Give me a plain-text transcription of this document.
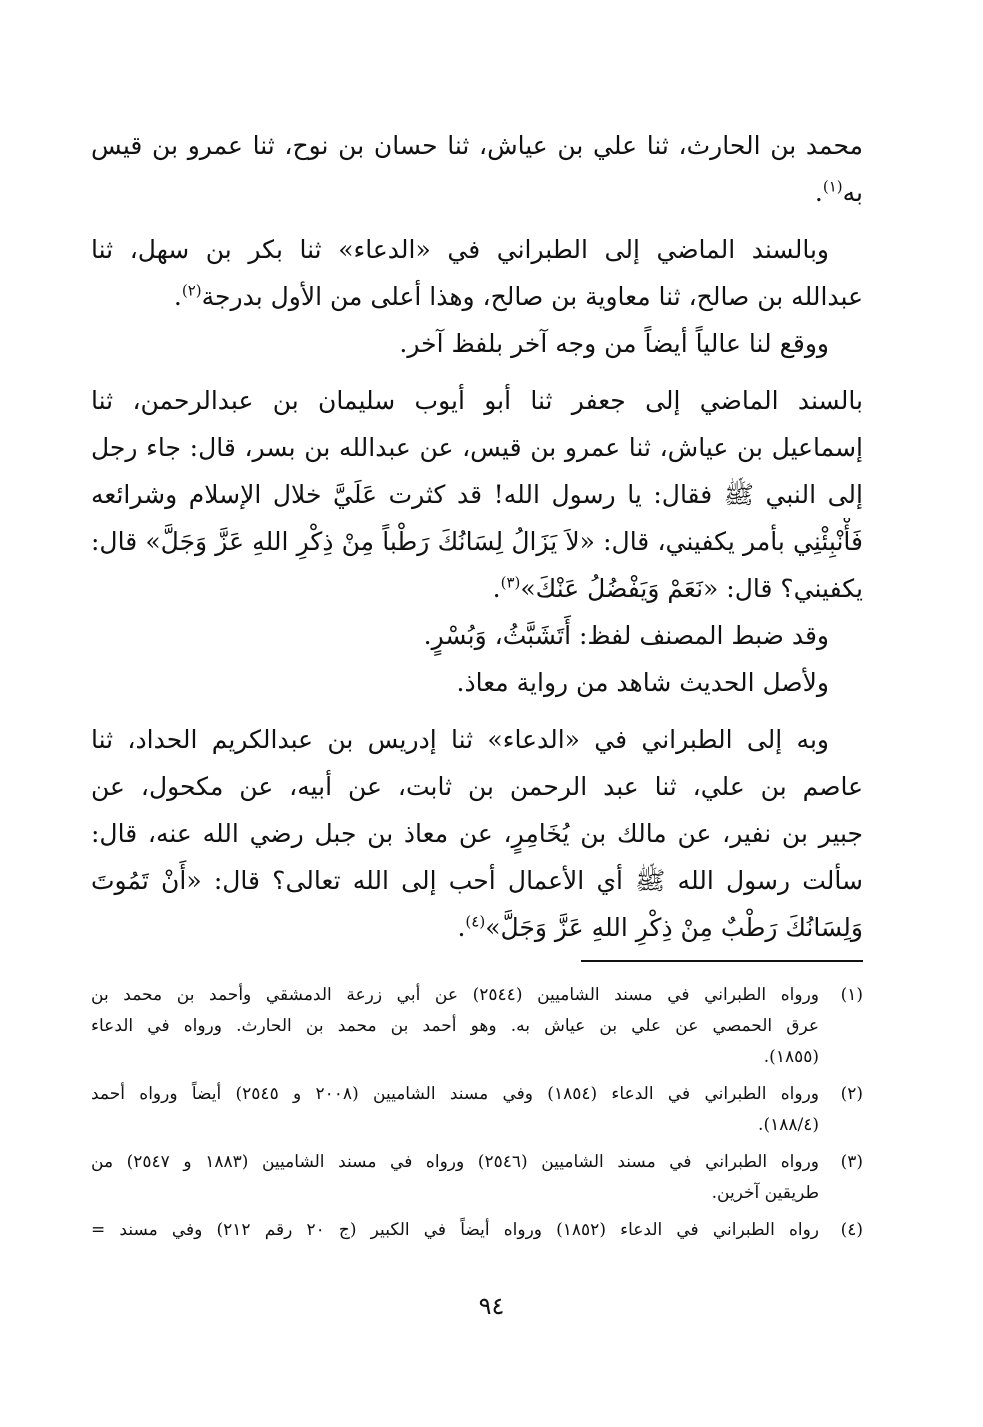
محمد بن الحارث، ثنا علي بن عياش، ثنا حسان بن نوح، ثنا عمرو بن قيس
به$^{(١)}$.
وبالسند الماضي إلى الطبراني في «الدعاء» ثنا بكر بن سهل، ثنا
عبدالله بن صالح، ثنا معاوية بن صالح، وهذا أعلى من الأول بدرجة$^{(٢)}$.
ووقع لنا عالياً أيضاً من وجه آخر بلفظ آخر.
بالسند الماضي إلى جعفر ثنا أبو أيوب سليمان بن عبدالرحمن، ثنا
إسماعيل بن عياش، ثنا عمرو بن قيس، عن عبدالله بن بسر، قال: جاء رجل
إلى النبي ﷺ فقال: يا رسول الله! قد كثرت عَلَيَّ خلال الإسلام وشرائعه
فَأْنْبِئْنِي بأمر يكفيني، قال: «لاَ يَزَالُ لِسَانُكَ رَطْباً مِنْ ذِكْرِ اللهِ عَزَّ وَجَلَّ» قال:
يكفيني؟ قال: «نَعَمْ وَيَفْضُلُ عَنْكَ»$^{(٣)}$.
وقد ضبط المصنف لفظ: أَتَشَبَّثُ، وَبُسْرٍ.
ولأصل الحديث شاهد من رواية معاذ.
وبه إلى الطبراني في «الدعاء» ثنا إدريس بن عبدالكريم الحداد، ثنا
عاصم بن علي، ثنا عبد الرحمن بن ثابت، عن أبيه، عن مكحول، عن
جبير بن نفير، عن مالك بن يُخَامِرٍ، عن معاذ بن جبل رضي الله عنه، قال:
سألت رسول الله ﷺ أي الأعمال أحب إلى الله تعالى؟ قال: «أَنْ تَمُوتَ
وَلِسَانُكَ رَطْبٌ مِنْ ذِكْرِ اللهِ عَزَّ وَجَلَّ»$^{(٤)}$.
(١)
ورواه الطبراني في مسند الشاميين (٢٥٤٤) عن أبي زرعة الدمشقي وأحمد بن محمد بن
عرق الحمصي عن علي بن عياش به. وهو أحمد بن محمد بن الحارث. ورواه في الدعاء
(١٨٥٥).
(٢)
ورواه الطبراني في الدعاء (١٨٥٤) وفي مسند الشاميين (٢٠٠٨ و ٢٥٤٥) أيضاً ورواه أحمد
(١٨٨/٤).
(٣)
ورواه الطبراني في مسند الشاميين (٢٥٤٦) ورواه في مسند الشاميين (١٨٨٣ و ٢٥٤٧) من
طريقين آخرين.
(٤)
رواه الطبراني في الدعاء (١٨٥٢) ورواه أيضاً في الكبير (ج ٢٠ رقم ٢١٢) وفي مسند =
٩٤
